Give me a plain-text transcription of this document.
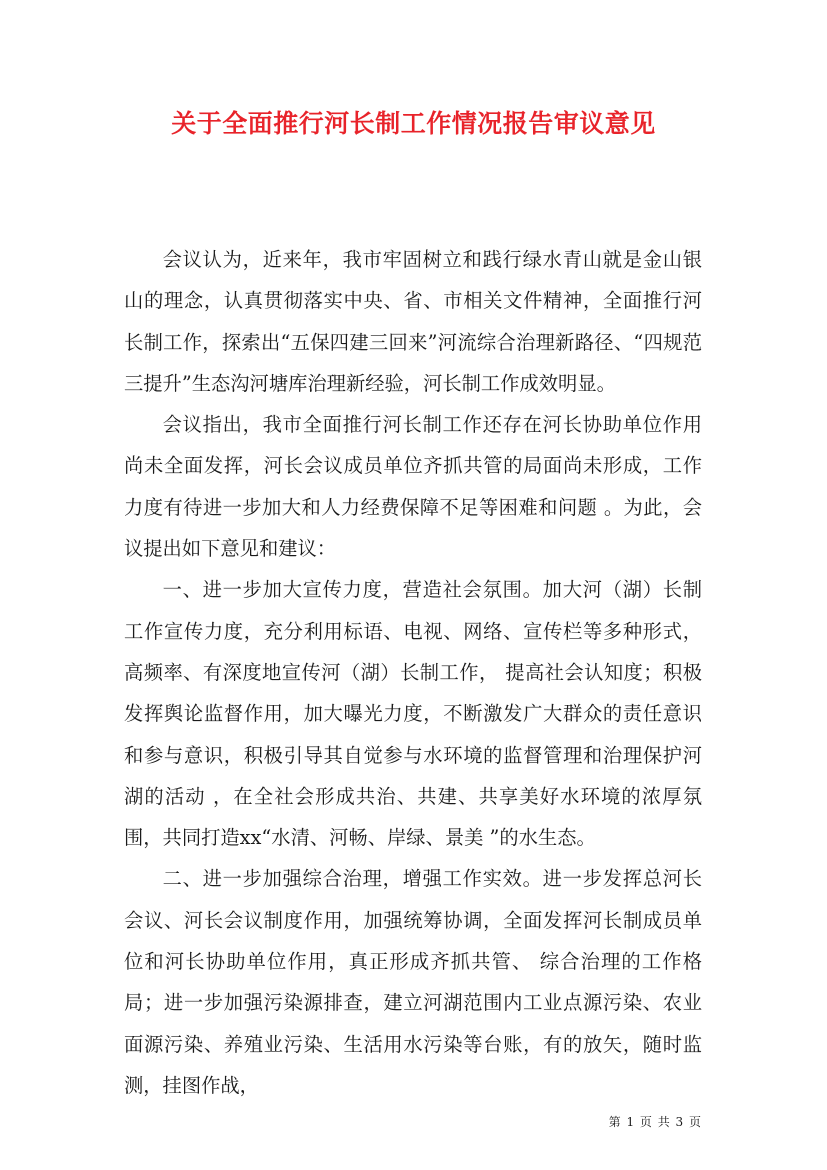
关于全面推行河长制工作情况报告审议意见

会议认为，近来年，我市牢固树立和践行绿水青山就是金山银山的理念，认真贯彻落实中央、省、市相关文件精神，全面推行河长制工作，探索出“五保四建三回来”河流综合治理新路径、“四规范三提升”生态沟河塘库治理新经验，河长制工作成效明显。

会议指出，我市全面推行河长制工作还存在河长协助单位作用尚未全面发挥，河长会议成员单位齐抓共管的局面尚未形成，工作力度有待进一步加大和人力经费保障不足等困难和问题 。为此，会议提出如下意见和建议：

一、进一步加大宣传力度，营造社会氛围。加大河（湖）长制工作宣传力度，充分利用标语、电视、网络、宣传栏等多种形式，高频率、有深度地宣传河（湖）长制工作， 提高社会认知度；积极发挥舆论监督作用，加大曝光力度，不断激发广大群众的责任意识和参与意识，积极引导其自觉参与水环境的监督管理和治理保护河湖的活动 ，在全社会形成共治、共建、共享美好水环境的浓厚氛围，共同打造xx“水清、河畅、岸绿、景美 ”的水生态。

二、进一步加强综合治理，增强工作实效。进一步发挥总河长会议、河长会议制度作用，加强统筹协调，全面发挥河长制成员单位和河长协助单位作用，真正形成齐抓共管、 综合治理的工作格局；进一步加强污染源排查，建立河湖范围内工业点源污染、农业面源污染、养殖业污染、生活用水污染等台账，有的放矢，随时监测，挂图作战，

第 1 页 共 3 页
